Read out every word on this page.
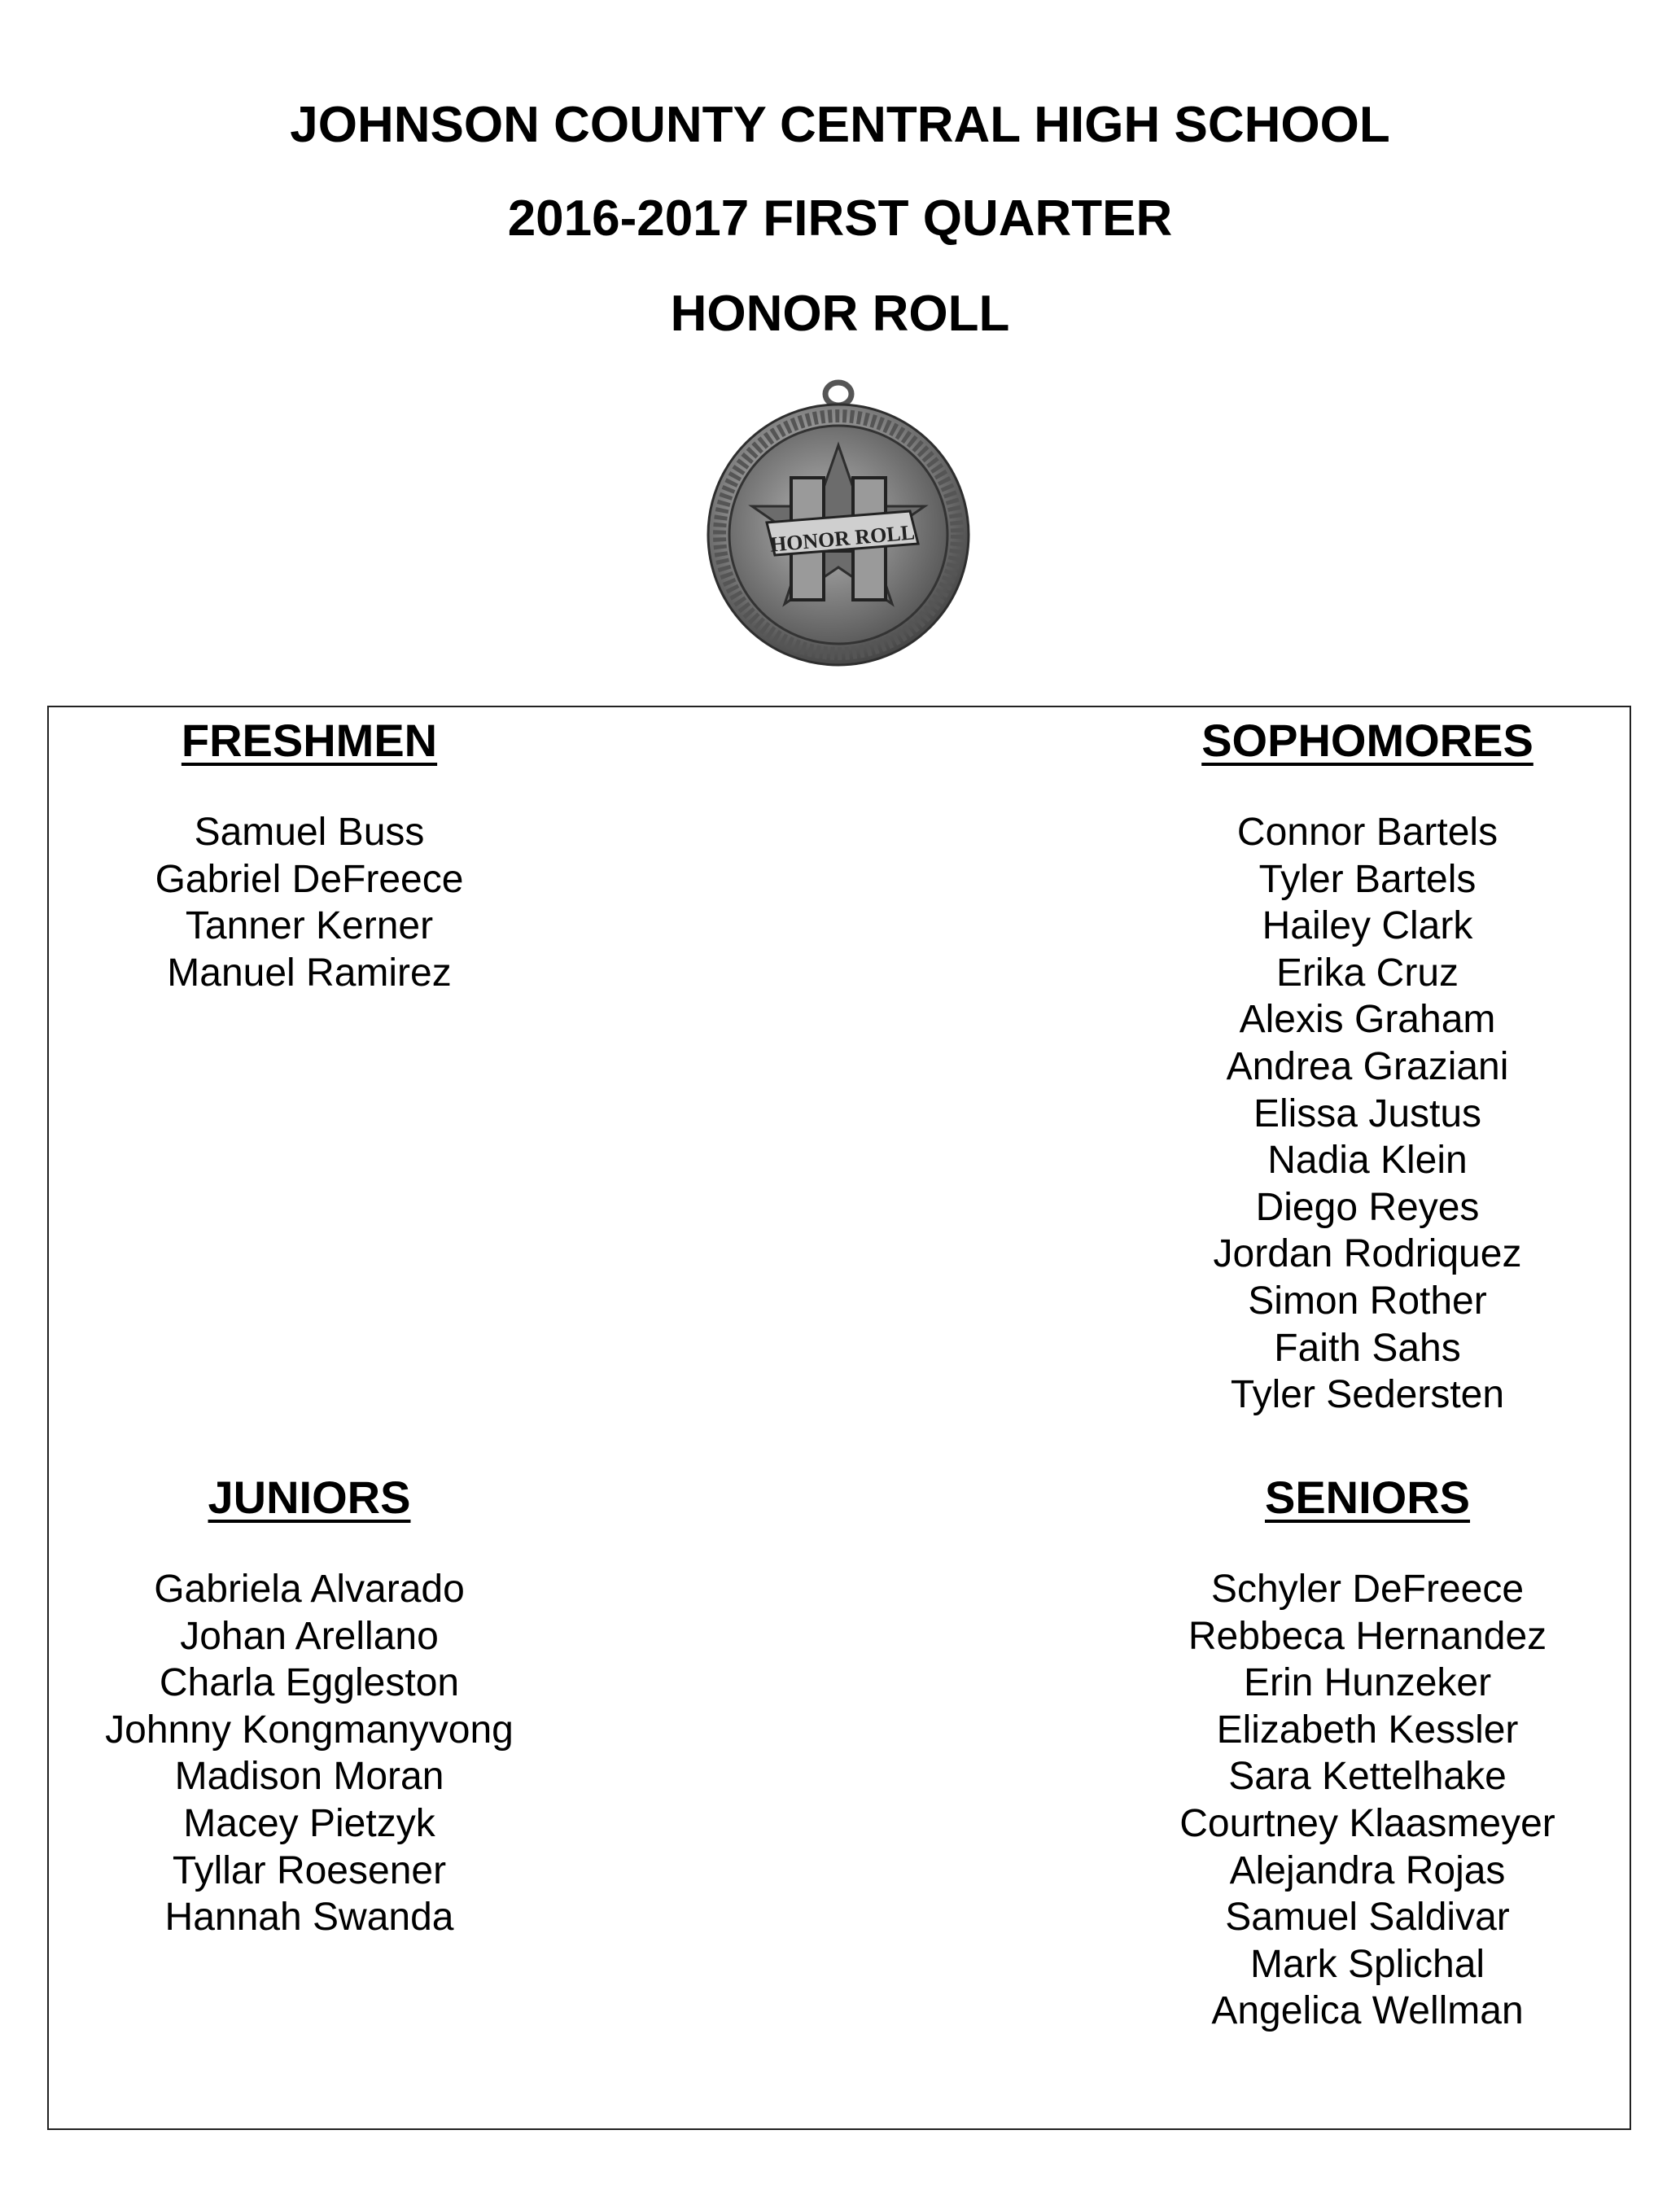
JOHNSON COUNTY CENTRAL HIGH SCHOOL
2016-2017 FIRST QUARTER
HONOR ROLL
HONOR ROLL
FRESHMEN
Samuel Buss
Gabriel DeFreece
Tanner Kerner
Manuel Ramirez
SOPHOMORES
Connor Bartels
Tyler Bartels
Hailey Clark
Erika Cruz
Alexis Graham
Andrea Graziani
Elissa Justus
Nadia Klein
Diego Reyes
Jordan Rodriquez
Simon Rother
Faith Sahs
Tyler Sedersten
JUNIORS
Gabriela Alvarado
Johan Arellano
Charla Eggleston
Johnny Kongmanyvong
Madison Moran
Macey Pietzyk
Tyllar Roesener
Hannah Swanda
SENIORS
Schyler DeFreece
Rebbeca Hernandez
Erin Hunzeker
Elizabeth Kessler
Sara Kettelhake
Courtney Klaasmeyer
Alejandra Rojas
Samuel Saldivar
Mark Splichal
Angelica Wellman
